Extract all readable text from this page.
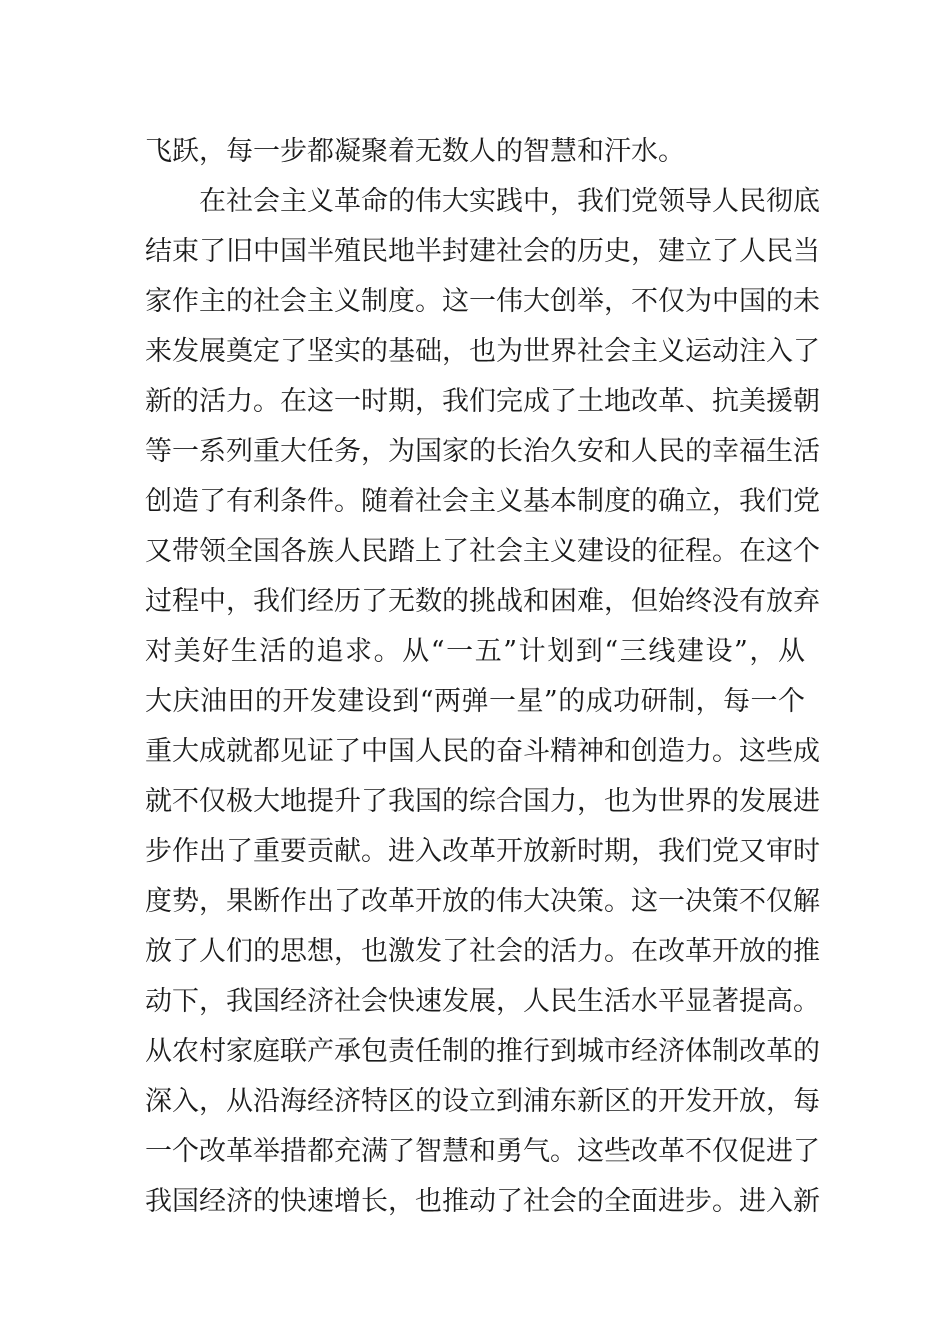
飞跃，每一步都凝聚着无数人的智慧和汗水。
在社会主义革命的伟大实践中，我们党领导人民彻底
结束了旧中国半殖民地半封建社会的历史，建立了人民当
家作主的社会主义制度。这一伟大创举，不仅为中国的未
来发展奠定了坚实的基础，也为世界社会主义运动注入了
新的活力。在这一时期，我们完成了土地改革、抗美援朝
等一系列重大任务，为国家的长治久安和人民的幸福生活
创造了有利条件。随着社会主义基本制度的确立，我们党
又带领全国各族人民踏上了社会主义建设的征程。在这个
过程中，我们经历了无数的挑战和困难，但始终没有放弃
对美好生活的追求。从“一五”计划到“三线建设”，从
大庆油田的开发建设到“两弹一星”的成功研制，每一个
重大成就都见证了中国人民的奋斗精神和创造力。这些成
就不仅极大地提升了我国的综合国力，也为世界的发展进
步作出了重要贡献。进入改革开放新时期，我们党又审时
度势，果断作出了改革开放的伟大决策。这一决策不仅解
放了人们的思想，也激发了社会的活力。在改革开放的推
动下，我国经济社会快速发展，人民生活水平显著提高。
从农村家庭联产承包责任制的推行到城市经济体制改革的
深入，从沿海经济特区的设立到浦东新区的开发开放，每
一个改革举措都充满了智慧和勇气。这些改革不仅促进了
我国经济的快速增长，也推动了社会的全面进步。进入新
